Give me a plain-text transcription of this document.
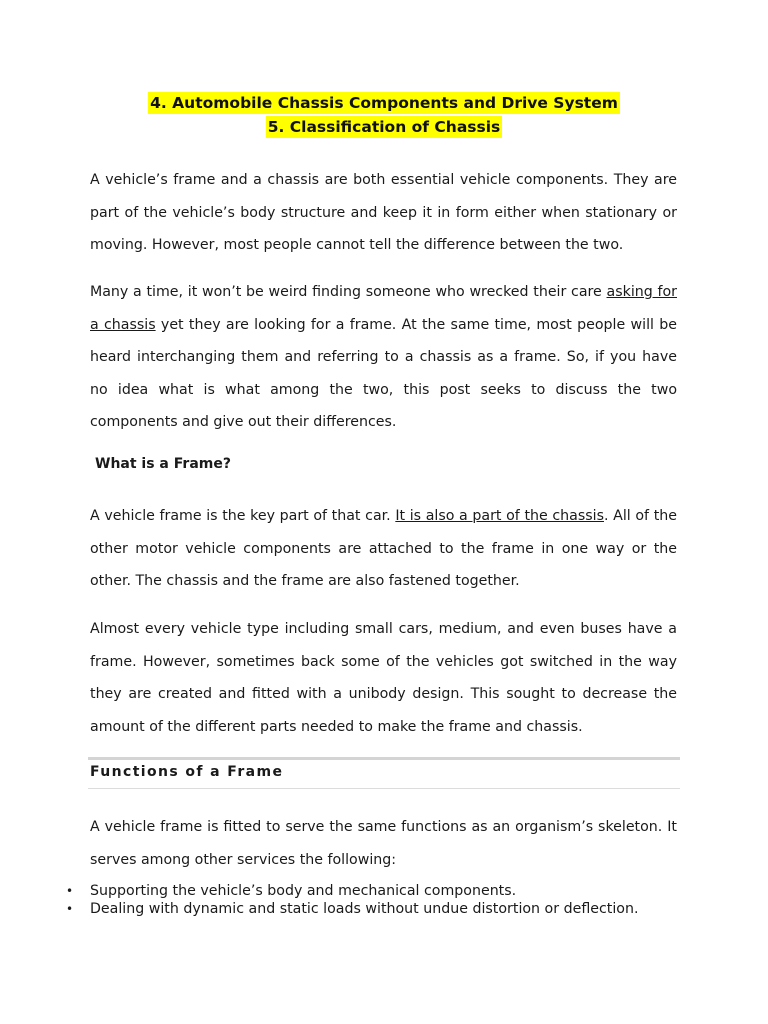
4. Automobile Chassis Components and Drive System
5. Classification of Chassis

A vehicle’s frame and a chassis are both essential vehicle components. They are part of the vehicle’s body structure and keep it in form either when stationary or moving. However, most people cannot tell the difference between the two.

Many a time, it won’t be weird finding someone who wrecked their care asking for a chassis yet they are looking for a frame. At the same time, most people will be heard interchanging them and referring to a chassis as a frame. So, if you have no idea what is what among the two, this post seeks to discuss the two components and give out their differences.

What is a Frame?

A vehicle frame is the key part of that car. It is also a part of the chassis. All of the other motor vehicle components are attached to the frame in one way or the other. The chassis and the frame are also fastened together.

Almost every vehicle type including small cars, medium, and even buses have a frame. However, sometimes back some of the vehicles got switched in the way they are created and fitted with a unibody design. This sought to decrease the amount of the different parts needed to make the frame and chassis.

Functions of a Frame

A vehicle frame is fitted to serve the same functions as an organism’s skeleton. It serves among other services the following:

• Supporting the vehicle’s body and mechanical components.
• Dealing with dynamic and static loads without undue distortion or deflection.
